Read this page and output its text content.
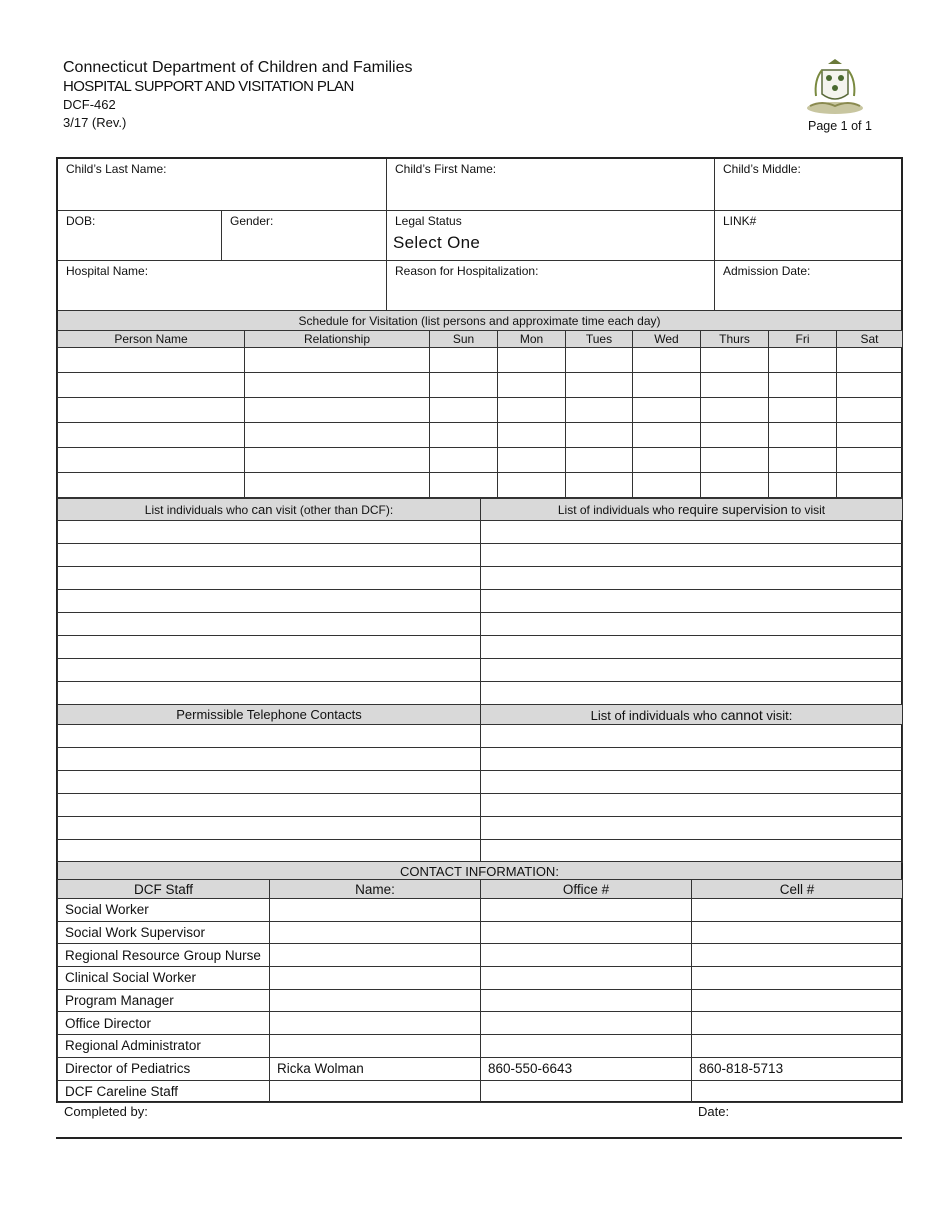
Connecticut Department of Children and Families
HOSPITAL SUPPORT AND VISITATION PLAN
DCF-462
3/17 (Rev.)	Page 1 of 1
Child’s Last Name:	Child’s First Name:	Child’s Middle:
DOB:	Gender:	Legal Status
Select One
LINK#
Hospital Name:	Reason for Hospitalization:	Admission Date:
Schedule for Visitation (list persons and approximate time each day)
Person Name	Relationship	Sun	Mon	Tues	Wed	Thurs	Fri	Sat

List individuals who can visit (other than DCF):	List of individuals who require supervision to visit

Permissible Telephone Contacts	List of individuals who cannot visit:

CONTACT INFORMATION:
DCF Staff	Name:	Office #	Cell #
Social Worker			
Social Work Supervisor			
Regional Resource Group Nurse			
Clinical Social Worker			
Program Manager			
Office Director			
Regional Administrator			
Director of Pediatrics	Ricka Wolman	860-550-6643	860-818-5713
DCF Careline Staff			
Completed by:	Date:
